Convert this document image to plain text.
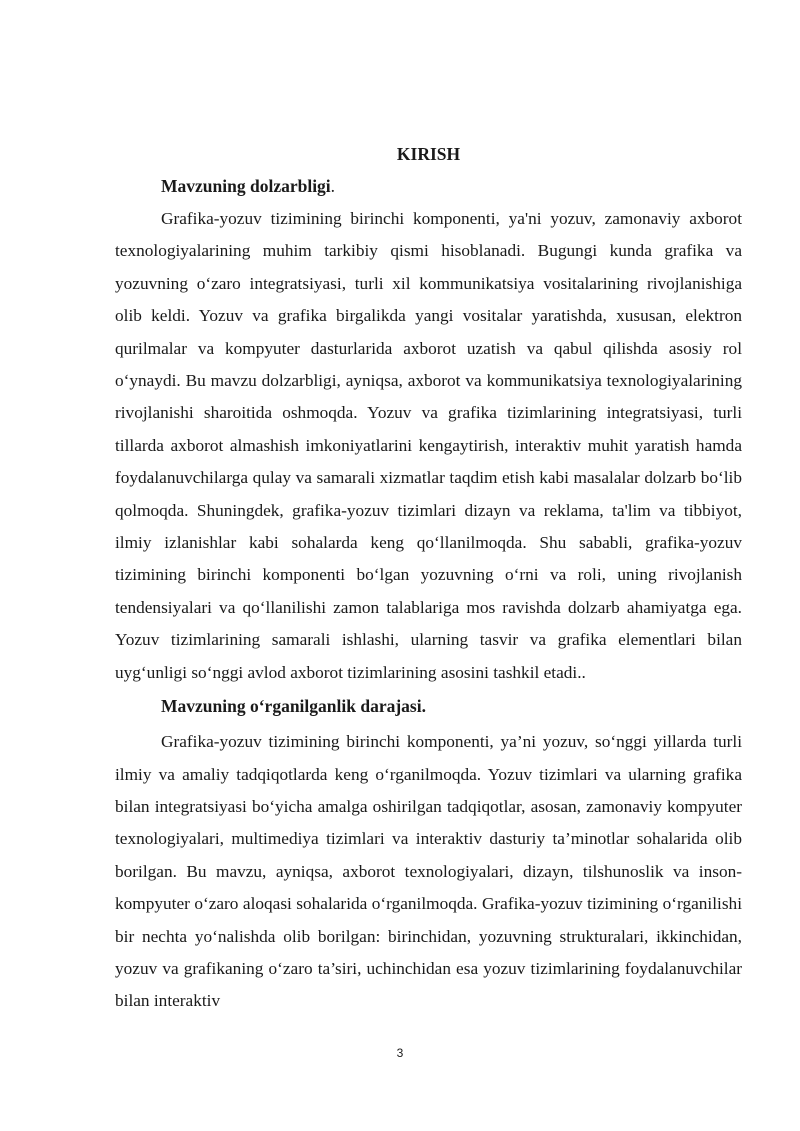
KIRISH
Mavzuning dolzarbligi.

Grafika-yozuv tizimining birinchi komponenti, ya'ni yozuv, zamonaviy axborot texnologiyalarining muhim tarkibiy qismi hisoblanadi. Bugungi kunda grafika va yozuvning o‘zaro integratsiyasi, turli xil kommunikatsiya vositalarining rivojlanishiga olib keldi. Yozuv va grafika birgalikda yangi vositalar yaratishda, xususan, elektron qurilmalar va kompyuter dasturlarida axborot uzatish va qabul qilishda asosiy rol o‘ynaydi. Bu mavzu dolzarbligi, ayniqsa, axborot va kommunikatsiya texnologiyalarining rivojlanishi sharoitida oshmoqda. Yozuv va grafika tizimlarining integratsiyasi, turli tillarda axborot almashish imkoniyatlarini kengaytirish, interaktiv muhit yaratish hamda foydalanuvchilarga qulay va samarali xizmatlar taqdim etish kabi masalalar dolzarb bo‘lib qolmoqda. Shuningdek, grafika-yozuv tizimlari dizayn va reklama, ta'lim va tibbiyot, ilmiy izlanishlar kabi sohalarda keng qo‘llanilmoqda. Shu sababli, grafika-yozuv tizimining birinchi komponenti bo‘lgan yozuvning o‘rni va roli, uning rivojlanish tendensiyalari va qo‘llanilishi zamon talablariga mos ravishda dolzarb ahamiyatga ega. Yozuv tizimlarining samarali ishlashi, ularning tasvir va grafika elementlari bilan uyg‘unligi so‘nggi avlod axborot tizimlarining asosini tashkil etadi..

Mavzuning o‘rganilganlik darajasi.

Grafika-yozuv tizimining birinchi komponenti, ya’ni yozuv, so‘nggi yillarda turli ilmiy va amaliy tadqiqotlarda keng o‘rganilmoqda. Yozuv tizimlari va ularning grafika bilan integratsiyasi bo‘yicha amalga oshirilgan tadqiqotlar, asosan, zamonaviy kompyuter texnologiyalari, multimediya tizimlari va interaktiv dasturiy ta’minotlar sohalarida olib borilgan. Bu mavzu, ayniqsa, axborot texnologiyalari, dizayn, tilshunoslik va inson-kompyuter o‘zaro aloqasi sohalarida o‘rganilmoqda. Grafika-yozuv tizimining o‘rganilishi bir nechta yo‘nalishda olib borilgan: birinchidan, yozuvning strukturalari, ikkinchidan, yozuv va grafikaning o‘zaro ta’siri, uchinchidan esa yozuv tizimlarining foydalanuvchilar bilan interaktiv

3
